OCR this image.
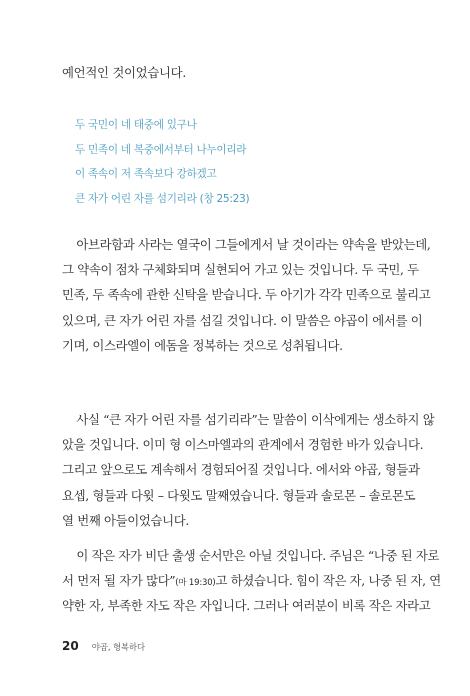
예언적인 것이었습니다.
두 국민이 네 태중에 있구나
두 민족이 네 복중에서부터 나누이리라
이 족속이 저 족속보다 강하겠고
큰 자가 어린 자를 섬기리라 (창 25:23)
아브라함과 사라는 열국이 그들에게서 날 것이라는 약속을 받았는데,
그 약속이 점차 구체화되며 실현되어 가고 있는 것입니다. 두 국민, 두
민족, 두 족속에 관한 신탁을 받습니다. 두 아기가 각각 민족으로 불리고
있으며, 큰 자가 어린 자를 섬길 것입니다. 이 말씀은 야곱이 에서를 이
기며, 이스라엘이 에돔을 정복하는 것으로 성취됩니다.
사실 “큰 자가 어린 자를 섬기리라”는 말씀이 이삭에게는 생소하지 않
았을 것입니다. 이미 형 이스마엘과의 관계에서 경험한 바가 있습니다.
그리고 앞으로도 계속해서 경험되어질 것입니다. 에서와 야곱, 형들과
요셉, 형들과 다윗 – 다윗도 말째였습니다. 형들과 솔로몬 – 솔로몬도
열 번째 아들이었습니다.
이 작은 자가 비단 출생 순서만은 아닐 것입니다. 주님은 “나중 된 자로
서 먼저 될 자가 많다”(마 19:30)고 하셨습니다. 힘이 작은 자, 나중 된 자, 연
약한 자, 부족한 자도 작은 자입니다. 그러나 여러분이 비록 작은 자라고
20 야곱, 형복하다
